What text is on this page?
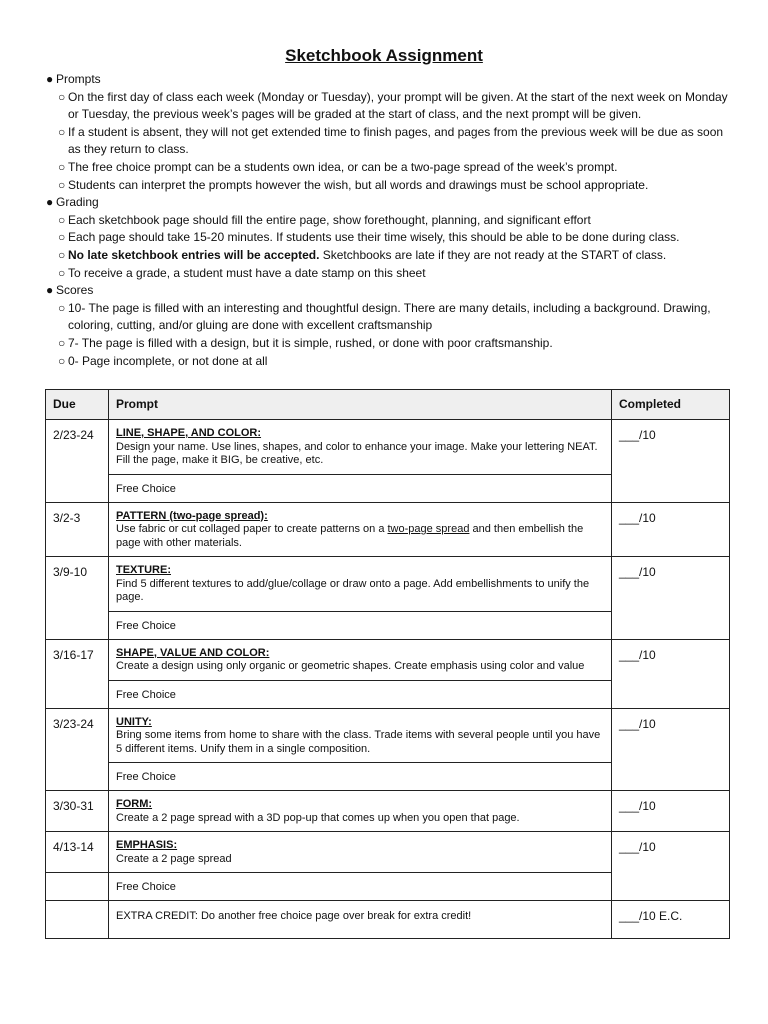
Sketchbook Assignment
● Prompts
○ On the first day of class each week (Monday or Tuesday), your prompt will be given. At the start of the next week on Monday or Tuesday, the previous week’s pages will be graded at the start of class, and the next prompt will be given.
○ If a student is absent, they will not get extended time to finish pages, and pages from the previous week will be due as soon as they return to class.
○ The free choice prompt can be a students own idea, or can be a two-page spread of the week’s prompt.
○ Students can interpret the prompts however the wish, but all words and drawings must be school appropriate.
● Grading
○ Each sketchbook page should fill the entire page, show forethought, planning, and significant effort
○ Each page should take 15-20 minutes. If students use their time wisely, this should be able to be done during class.
○ No late sketchbook entries will be accepted. Sketchbooks are late if they are not ready at the START of class.
○ To receive a grade, a student must have a date stamp on this sheet
● Scores
○ 10- The page is filled with an interesting and thoughtful design. There are many details, including a background. Drawing, coloring, cutting, and/or gluing are done with excellent craftsmanship
○ 7- The page is filled with a design, but it is simple, rushed, or done with poor craftsmanship.
○ 0- Page incomplete, or not done at all
Due	Prompt	Completed
2/23-24	LINE, SHAPE, AND COLOR:
Design your name. Use lines, shapes, and color to enhance your image. Make your lettering NEAT. Fill the page, make it BIG, be creative, etc.	___/10
	Free Choice	
3/2-3	PATTERN (two-page spread):
Use fabric or cut collaged paper to create patterns on a two-page spread and then embellish the page with other materials.	___/10
3/9-10	TEXTURE:
Find 5 different textures to add/glue/collage or draw onto a page. Add embellishments to unify the page.	___/10
	Free Choice	
3/16-17	SHAPE, VALUE AND COLOR:
Create a design using only organic or geometric shapes. Create emphasis using color and value	___/10
	Free Choice	
3/23-24	UNITY:
Bring some items from home to share with the class. Trade items with several people until you have 5 different items. Unify them in a single composition.	___/10
	Free Choice	
3/30-31	FORM:
Create a 2 page spread with a 3D pop-up that comes up when you open that page.	___/10
4/13-14	EMPHASIS:
Create a 2 page spread	___/10
	Free Choice	
	EXTRA CREDIT: Do another free choice page over break for extra credit!	___/10 E.C.
